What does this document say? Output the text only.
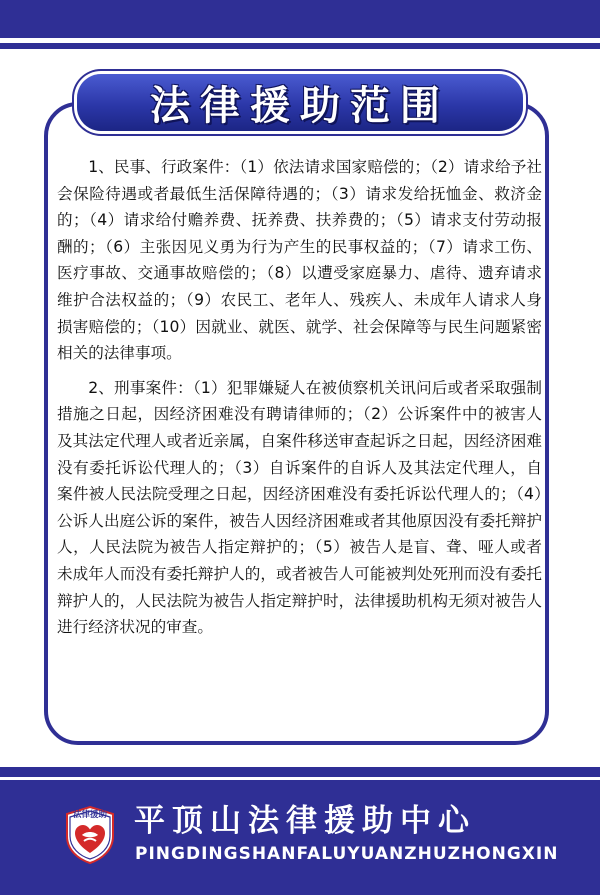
法律援助范围

1、民事、行政案件：（1）依法请求国家赔偿的；（2）请求给予社会保险待遇或者最低生活保障待遇的；（3）请求发给抚恤金、救济金的；（4）请求给付赡养费、抚养费、扶养费的；（5）请求支付劳动报酬的；（6）主张因见义勇为行为产生的民事权益的；（7）请求工伤、医疗事故、交通事故赔偿的；（8）以遭受家庭暴力、虐待、遗弃请求维护合法权益的；（9）农民工、老年人、残疾人、未成年人请求人身损害赔偿的；（10）因就业、就医、就学、社会保障等与民生问题紧密相关的法律事项。

2、刑事案件：（1）犯罪嫌疑人在被侦察机关讯问后或者采取强制措施之日起，因经济困难没有聘请律师的；（2）公诉案件中的被害人及其法定代理人或者近亲属，自案件移送审查起诉之日起，因经济困难没有委托诉讼代理人的；（3）自诉案件的自诉人及其法定代理人，自案件被人民法院受理之日起，因经济困难没有委托诉讼代理人的；（4）公诉人出庭公诉的案件，被告人因经济困难或者其他原因没有委托辩护人，人民法院为被告人指定辩护的；（5）被告人是盲、聋、哑人或者未成年人而没有委托辩护人的，或者被告人可能被判处死刑而没有委托辩护人的，人民法院为被告人指定辩护时，法律援助机构无须对被告人进行经济状况的审查。

法律援助 平顶山法律援助中心
PINGDINGSHANFALUYUANZHUZHONGXIN
